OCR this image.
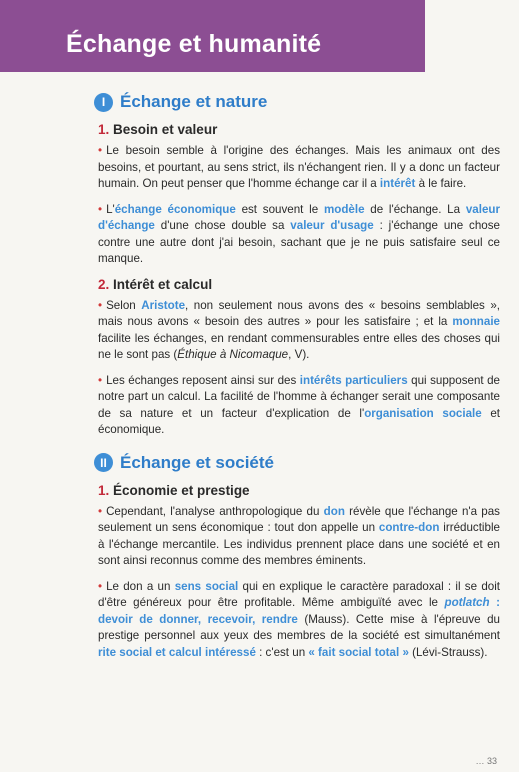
Échange et humanité
I Échange et nature
1. Besoin et valeur

• Le besoin semble à l'origine des échanges. Mais les animaux ont des besoins, et pourtant, au sens strict, ils n'échangent rien. Il y a donc un facteur humain. On peut penser que l'homme échange car il a intérêt à le faire.

• L'échange économique est souvent le modèle de l'échange. La valeur d'échange d'une chose double sa valeur d'usage : j'échange une chose contre une autre dont j'ai besoin, sachant que je ne puis satisfaire seul ce manque.

2. Intérêt et calcul

• Selon Aristote, non seulement nous avons des « besoins semblables », mais nous avons « besoin des autres » pour les satisfaire ; et la monnaie facilite les échanges, en rendant commensurables entre elles des choses qui ne le sont pas (Éthique à Nicomaque, V).

• Les échanges reposent ainsi sur des intérêts particuliers qui supposent de notre part un calcul. La facilité de l'homme à échanger serait une composante de sa nature et un facteur d'explication de l'organisation sociale et économique.

II Échange et société
1. Économie et prestige

• Cependant, l'analyse anthropologique du don révèle que l'échange n'a pas seulement un sens économique : tout don appelle un contre-don irréductible à l'échange mercantile. Les individus prennent place dans une société et en sont ainsi reconnus comme des membres éminents.

• Le don a un sens social qui en explique le caractère paradoxal : il se doit d'être généreux pour être profitable. Même ambiguïté avec le potlatch : devoir de donner, recevoir, rendre (Mauss). Cette mise à l'épreuve du prestige personnel aux yeux des membres de la société est simultanément rite social et calcul intéressé : c'est un « fait social total » (Lévi-Strauss).

… 33
